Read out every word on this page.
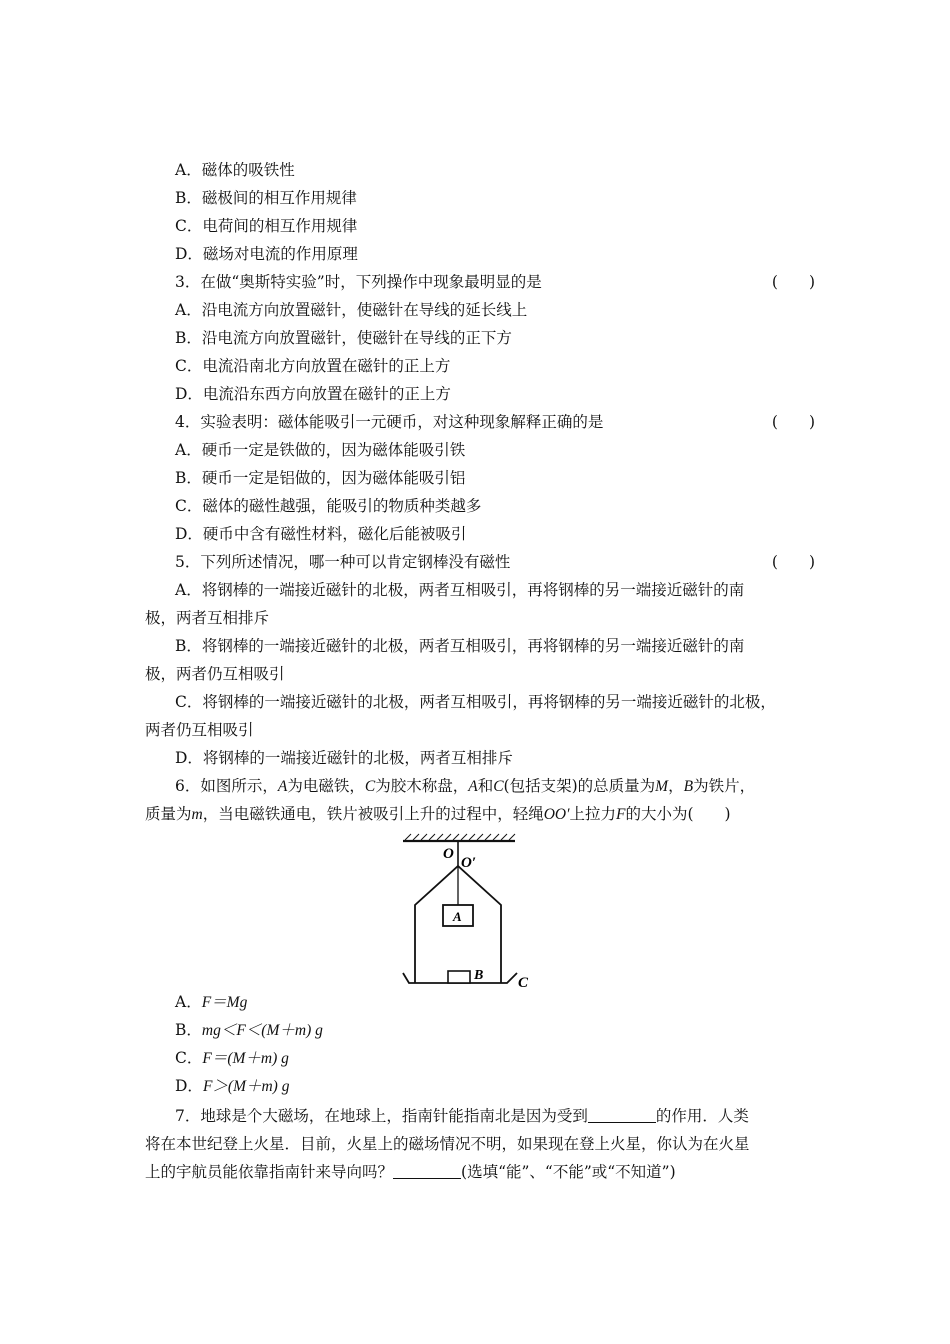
A．磁体的吸铁性
B．磁极间的相互作用规律
C．电荷间的相互作用规律
D．磁场对电流的作用原理
3．在做“奥斯特实验”时，下列操作中现象最明显的是	(　　)
A．沿电流方向放置磁针，使磁针在导线的延长线上
B．沿电流方向放置磁针，使磁针在导线的正下方
C．电流沿南北方向放置在磁针的正上方
D．电流沿东西方向放置在磁针的正上方
4．实验表明：磁体能吸引一元硬币，对这种现象解释正确的是	(　　)
A．硬币一定是铁做的，因为磁体能吸引铁
B．硬币一定是铝做的，因为磁体能吸引铝
C．磁体的磁性越强，能吸引的物质种类越多
D．硬币中含有磁性材料，磁化后能被吸引
5．下列所述情况，哪一种可以肯定钢棒没有磁性	(　　)
A．将钢棒的一端接近磁针的北极，两者互相吸引，再将钢棒的另一端接近磁针的南
极，两者互相排斥
B．将钢棒的一端接近磁针的北极，两者互相吸引，再将钢棒的另一端接近磁针的南
极，两者仍互相吸引
C．将钢棒的一端接近磁针的北极，两者互相吸引，再将钢棒的另一端接近磁针的北极，
两者仍互相吸引
D．将钢棒的一端接近磁针的北极，两者互相排斥
6．如图所示，A为电磁铁，C为胶木称盘，A和C(包括支架)的总质量为M，B为铁片，
质量为m，当电磁铁通电，铁片被吸引上升的过程中，轻绳OO′上拉力F的大小为(　　)
O
O′
A
B C
A．F＝Mg
B．mg＜F＜(M＋m) g
C．F＝(M＋m) g
D．F＞(M＋m) g
7．地球是个大磁场，在地球上，指南针能指南北是因为受到	的作用．人类
将在本世纪登上火星．目前，火星上的磁场情况不明，如果现在登上火星，你认为在火星
上的宇航员能依靠指南针来导向吗？	(选填“能”、“不能”或“不知道”)
